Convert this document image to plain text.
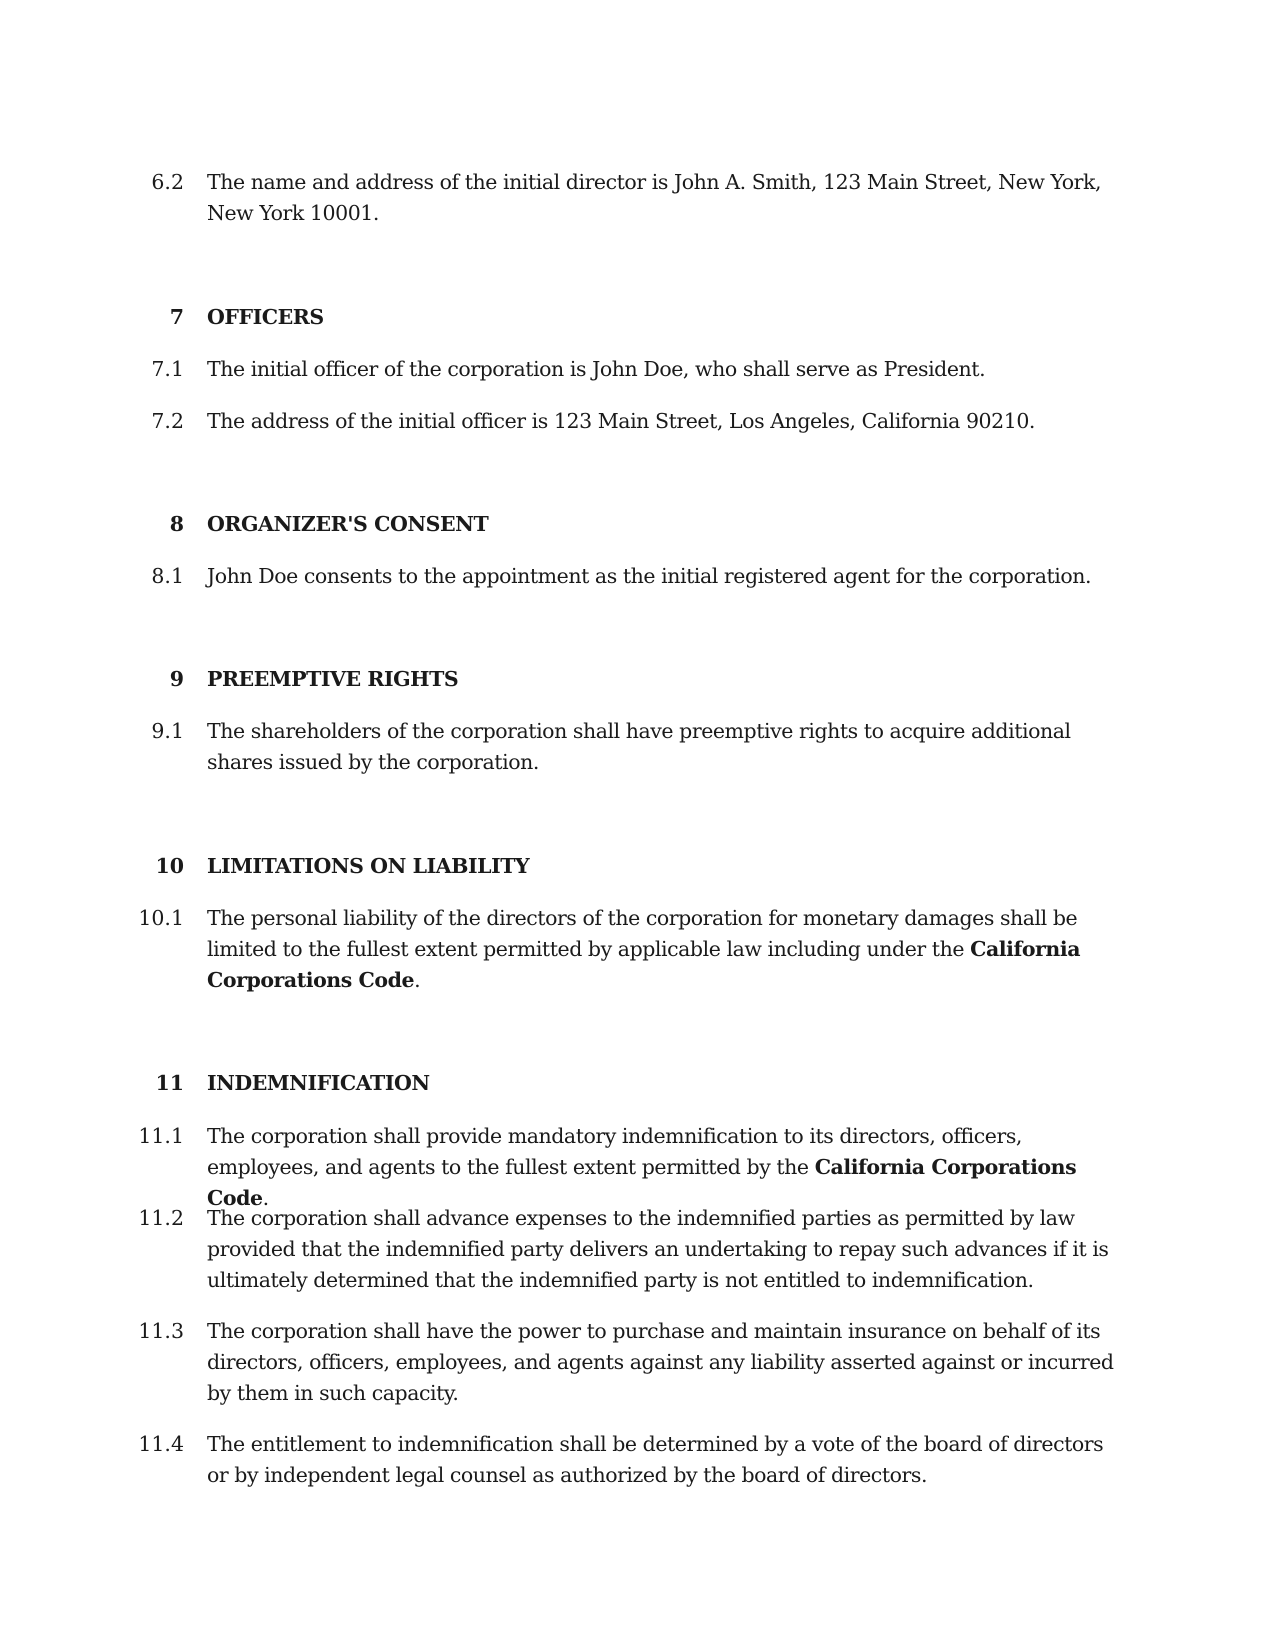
6.2 The name and address of the initial director is John A. Smith, 123 Main Street, New York, New York 10001.
7 OFFICERS
7.1 The initial officer of the corporation is John Doe, who shall serve as President.
7.2 The address of the initial officer is 123 Main Street, Los Angeles, California 90210.
8 ORGANIZER'S CONSENT
8.1 John Doe consents to the appointment as the initial registered agent for the corporation.
9 PREEMPTIVE RIGHTS
9.1 The shareholders of the corporation shall have preemptive rights to acquire additional shares issued by the corporation.
10 LIMITATIONS ON LIABILITY
10.1 The personal liability of the directors of the corporation for monetary damages shall be limited to the fullest extent permitted by applicable law including under the California Corporations Code.
11 INDEMNIFICATION
11.1 The corporation shall provide mandatory indemnification to its directors, officers, employees, and agents to the fullest extent permitted by the California Corporations Code.
11.2 The corporation shall advance expenses to the indemnified parties as permitted by law provided that the indemnified party delivers an undertaking to repay such advances if it is ultimately determined that the indemnified party is not entitled to indemnification.
11.3 The corporation shall have the power to purchase and maintain insurance on behalf of its directors, officers, employees, and agents against any liability asserted against or incurred by them in such capacity.
11.4 The entitlement to indemnification shall be determined by a vote of the board of directors or by independent legal counsel as authorized by the board of directors.
